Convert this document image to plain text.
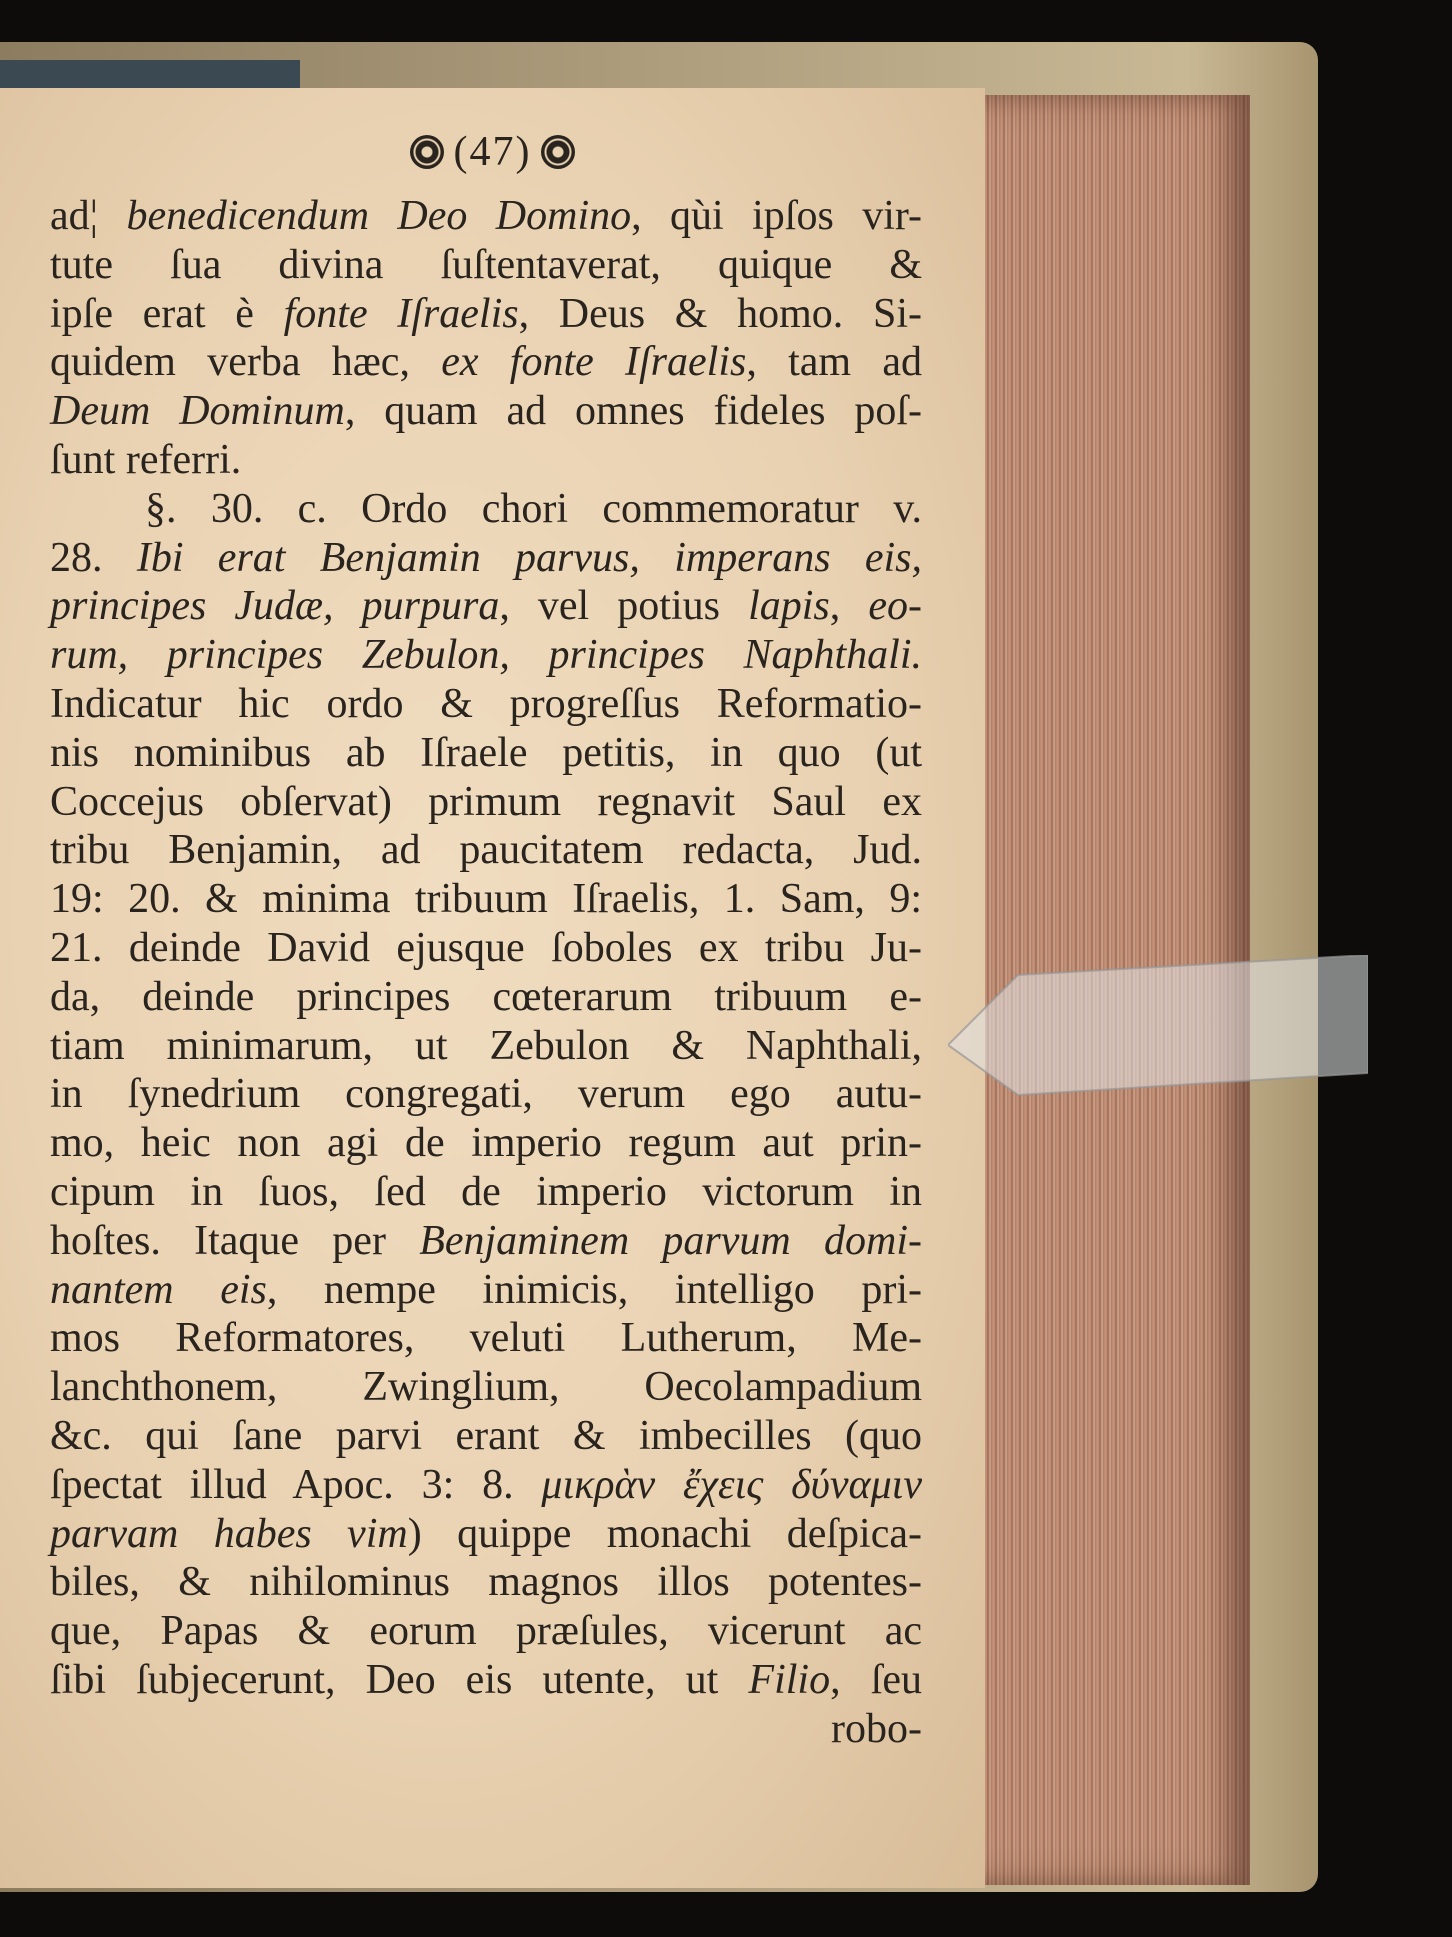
(47)
ad¦ benedicendum Deo Domino, qùi ipſos vir-
tute ſua divina ſuſtentaverat, quique &
ipſe erat è fonte Iſraelis, Deus & homo. Si-
quidem verba hæc, ex fonte Iſraelis, tam ad
Deum Dominum, quam ad omnes fideles poſ-
ſunt referri.
§. 30. c. Ordo chori commemoratur v.
28. Ibi erat Benjamin parvus, imperans eis,
principes Judæ, purpura, vel potius lapis, eo-
rum, principes Zebulon, principes Naphthali.
Indicatur hic ordo & progreſſus Reformatio-
nis nominibus ab Iſraele petitis, in quo (ut
Coccejus obſervat) primum regnavit Saul ex
tribu Benjamin, ad paucitatem redacta, Jud.
19: 20. & minima tribuum Iſraelis, 1. Sam, 9:
21. deinde David ejusque ſoboles ex tribu Ju-
da, deinde principes cœterarum tribuum e-
tiam minimarum, ut Zebulon & Naphthali,
in ſynedrium congregati, verum ego autu-
mo, heic non agi de imperio regum aut prin-
cipum in ſuos, ſed de imperio victorum in
hoſtes. Itaque per Benjaminem parvum domi-
nantem eis, nempe inimicis, intelligo pri-
mos Reformatores, veluti Lutherum, Me-
lanchthonem, Zwinglium, Oecolampadium
&c. qui ſane parvi erant & imbecilles (quo
ſpectat illud Apoc. 3: 8. μικρὰν ἔχεις δύναμιν
parvam habes vim) quippe monachi deſpica-
biles, & nihilominus magnos illos potentes-
que, Papas & eorum præſules, vicerunt ac
ſibi ſubjecerunt, Deo eis utente, ut Filio, ſeu
robo-
